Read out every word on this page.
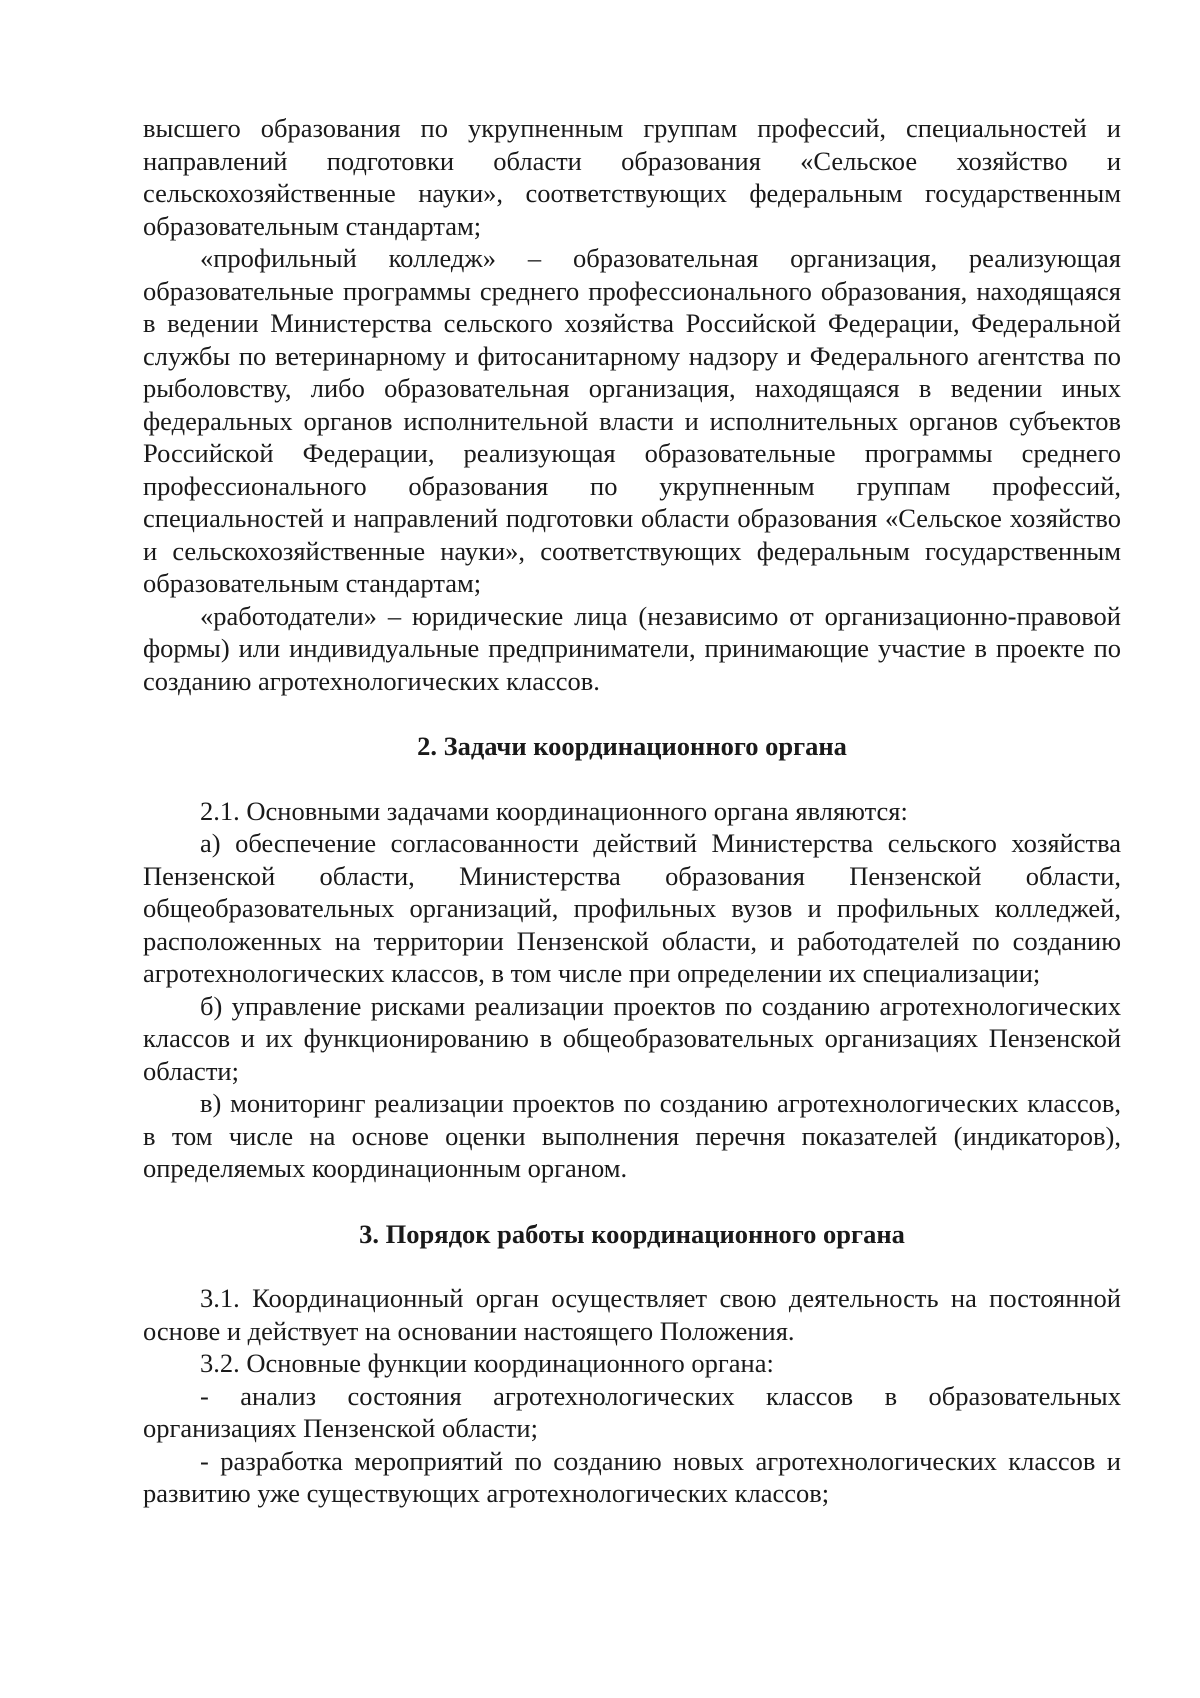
высшего образования по укрупненным группам профессий, специальностей и направлений подготовки области образования «Сельское хозяйство и сельскохозяйственные науки», соответствующих федеральным государственным образовательным стандартам;

«профильный колледж» – образовательная организация, реализующая образовательные программы среднего профессионального образования, находящаяся в ведении Министерства сельского хозяйства Российской Федерации, Федеральной службы по ветеринарному и фитосанитарному надзору и Федерального агентства по рыболовству, либо образовательная организация, находящаяся в ведении иных федеральных органов исполнительной власти и исполнительных органов субъектов Российской Федерации, реализующая образовательные программы среднего профессионального образования по укрупненным группам профессий, специальностей и направлений подготовки области образования «Сельское хозяйство и сельскохозяйственные науки», соответствующих федеральным государственным образовательным стандартам;

«работодатели» – юридические лица (независимо от организационно-правовой формы) или индивидуальные предприниматели, принимающие участие в проекте по созданию агротехнологических классов.

2. Задачи координационного органа

2.1. Основными задачами координационного органа являются:

а) обеспечение согласованности действий Министерства сельского хозяйства Пензенской области, Министерства образования Пензенской области, общеобразовательных организаций, профильных вузов и профильных колледжей, расположенных на территории Пензенской области, и работодателей по созданию агротехнологических классов, в том числе при определении их специализации;

б) управление рисками реализации проектов по созданию агротехнологических классов и их функционированию в общеобразовательных организациях Пензенской области;

в) мониторинг реализации проектов по созданию агротехнологических классов, в том числе на основе оценки выполнения перечня показателей (индикаторов), определяемых координационным органом.

3. Порядок работы координационного органа

3.1. Координационный орган осуществляет свою деятельность на постоянной основе и действует на основании настоящего Положения.

3.2. Основные функции координационного органа:

- анализ состояния агротехнологических классов в образовательных организациях Пензенской области;

- разработка мероприятий по созданию новых агротехнологических классов и развитию уже существующих агротехнологических классов;
